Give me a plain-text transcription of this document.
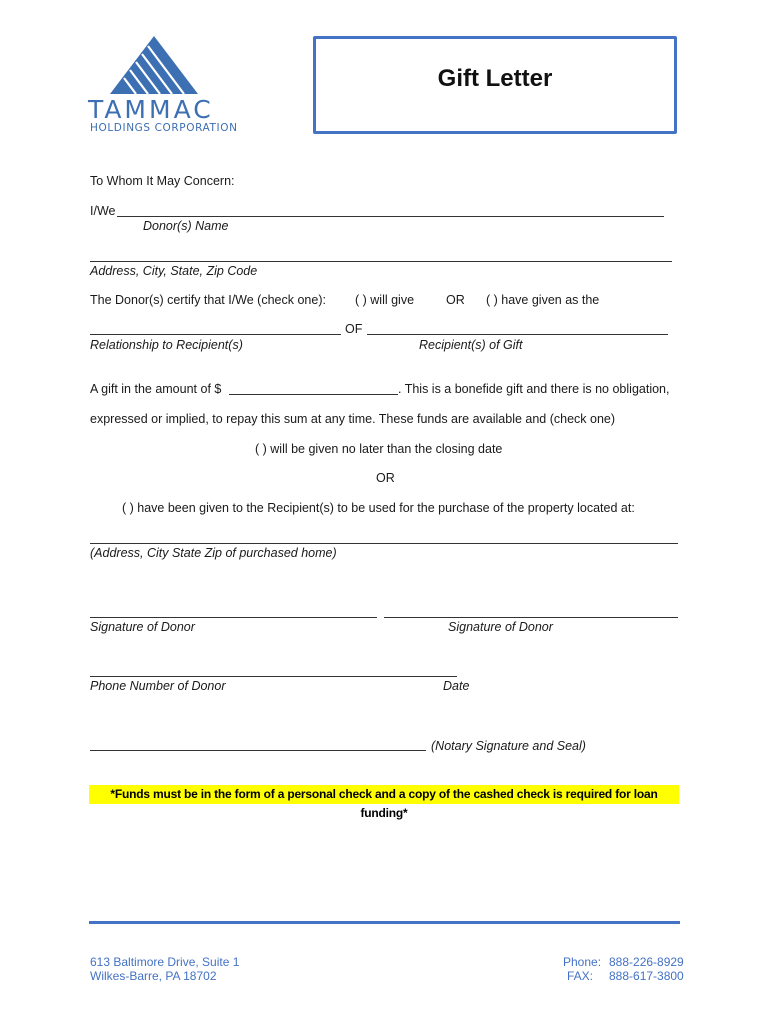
TAMMAC
HOLDINGS CORPORATION
Gift Letter
To Whom It May Concern:
I/We
Donor(s) Name
Address, City, State, Zip Code
The Donor(s) certify that I/We (check one): ( ) will give	OR ( ) have given as the
OF
Relationship to Recipient(s)	Recipient(s) of Gift
A gift in the amount of $	. This is a bonefide gift and there is no obligation,
expressed or implied, to repay this sum at any time. These funds are available and (check one)
( ) will be given no later than the closing date
OR
( ) have been given to the Recipient(s) to be used for the purchase of the property located at:
(Address, City State Zip of purchased home)
Signature of Donor	Signature of Donor
Phone Number of Donor	Date
(Notary Signature and Seal)
*Funds must be in the form of a personal check and a copy of the cashed check is required for loan funding*
613 Baltimore Drive, Suite 1
Wilkes-Barre, PA 18702
Phone: 888-226-8929
FAX: 888-617-3800
